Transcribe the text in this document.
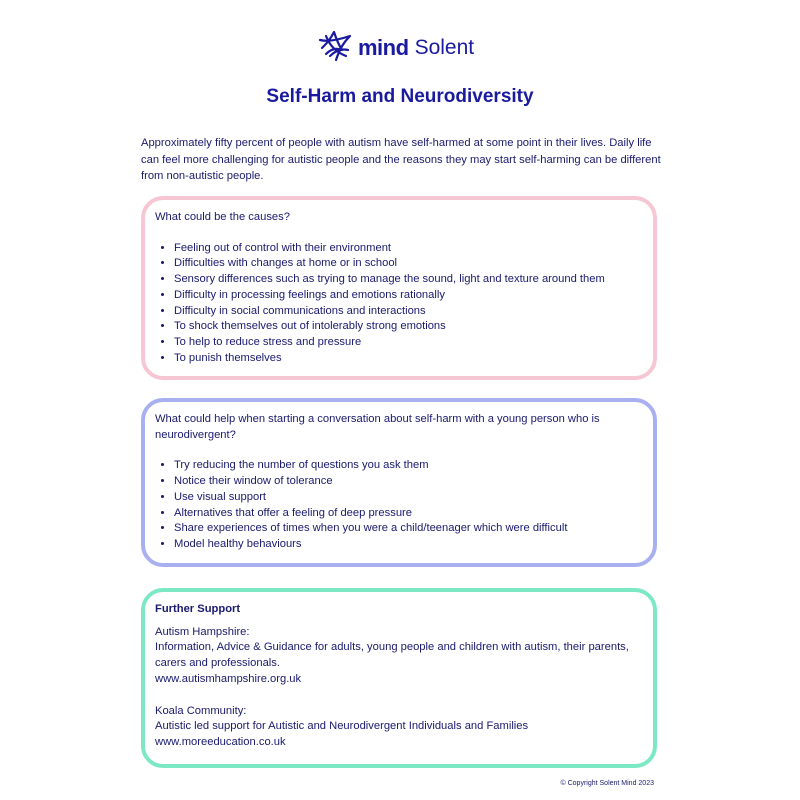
mind Solent
Self-Harm and Neurodiversity

Approximately fifty percent of people with autism have self-harmed at some point in their lives. Daily life can feel more challenging for autistic people and the reasons they may start self-harming can be different from non-autistic people.

What could be the causes?

• Feeling out of control with their environment
• Difficulties with changes at home or in school
• Sensory differences such as trying to manage the sound, light and texture around them
• Difficulty in processing feelings and emotions rationally
• Difficulty in social communications and interactions
• To shock themselves out of intolerably strong emotions
• To help to reduce stress and pressure
• To punish themselves

What could help when starting a conversation about self-harm with a young person who is neurodivergent?

• Try reducing the number of questions you ask them
• Notice their window of tolerance
• Use visual support
• Alternatives that offer a feeling of deep pressure
• Share experiences of times when you were a child/teenager which were difficult
• Model healthy behaviours

Further Support

Autism Hampshire:
Information, Advice & Guidance for adults, young people and children with autism, their parents, carers and professionals.
www.autismhampshire.org.uk
Koala Community:
Autistic led support for Autistic and Neurodivergent Individuals and Families
www.moreeducation.co.uk
© Copyright Solent Mind 2023
